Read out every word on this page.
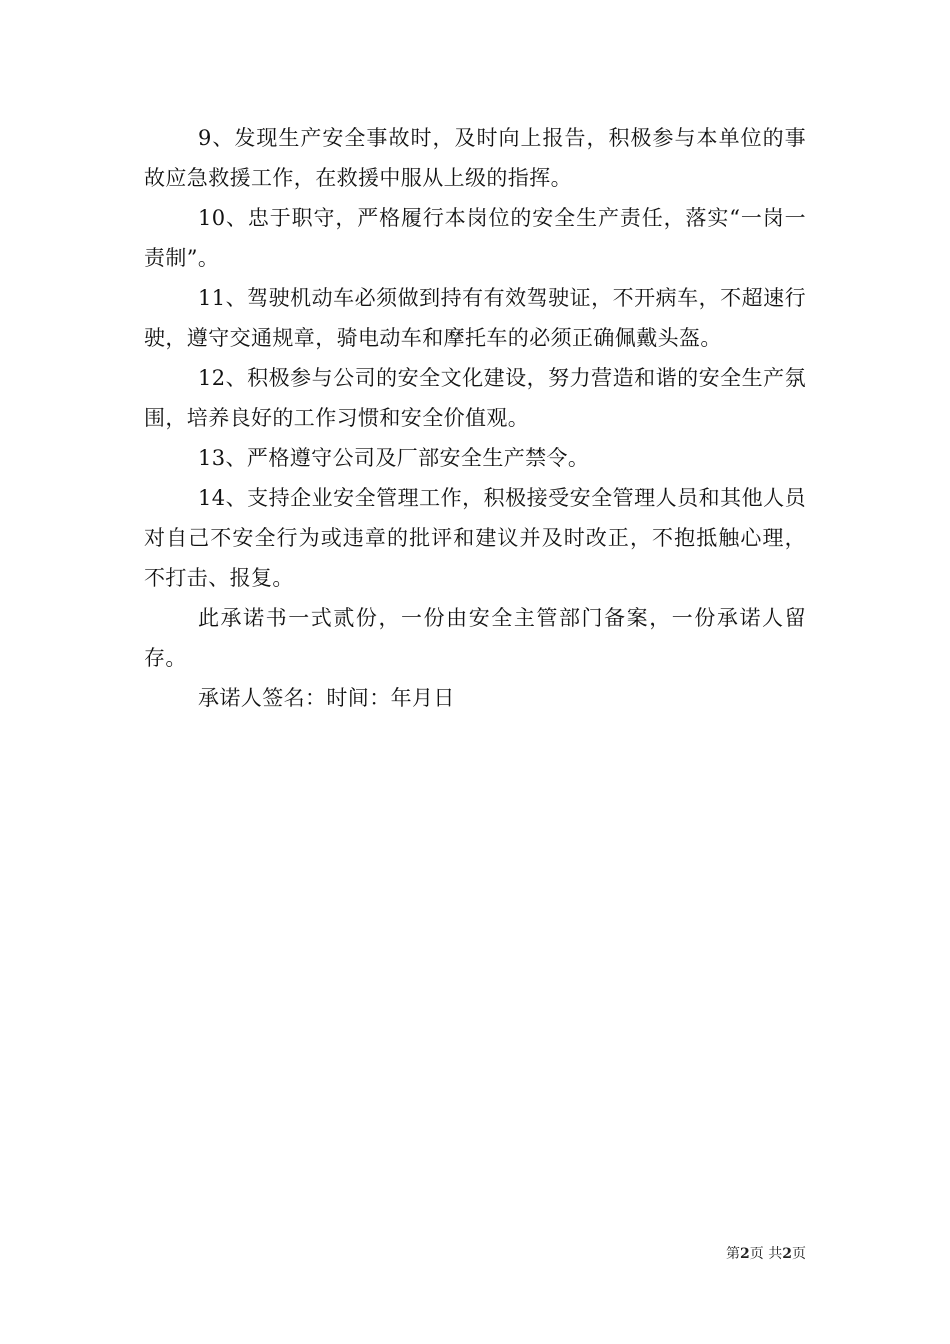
9、发现生产安全事故时，及时向上报告，积极参与本单位的事故应急救援工作，在救援中服从上级的指挥。

10、忠于职守，严格履行本岗位的安全生产责任，落实“一岗一责制”。

11、驾驶机动车必须做到持有有效驾驶证，不开病车，不超速行驶，遵守交通规章，骑电动车和摩托车的必须正确佩戴头盔。

12、积极参与公司的安全文化建设，努力营造和谐的安全生产氛围，培养良好的工作习惯和安全价值观。

13、严格遵守公司及厂部安全生产禁令。

14、支持企业安全管理工作，积极接受安全管理人员和其他人员对自己不安全行为或违章的批评和建议并及时改正，不抱抵触心理，不打击、报复。

此承诺书一式贰份，一份由安全主管部门备案，一份承诺人留存。

承诺人签名：时间：年月日

第2页 共2页
